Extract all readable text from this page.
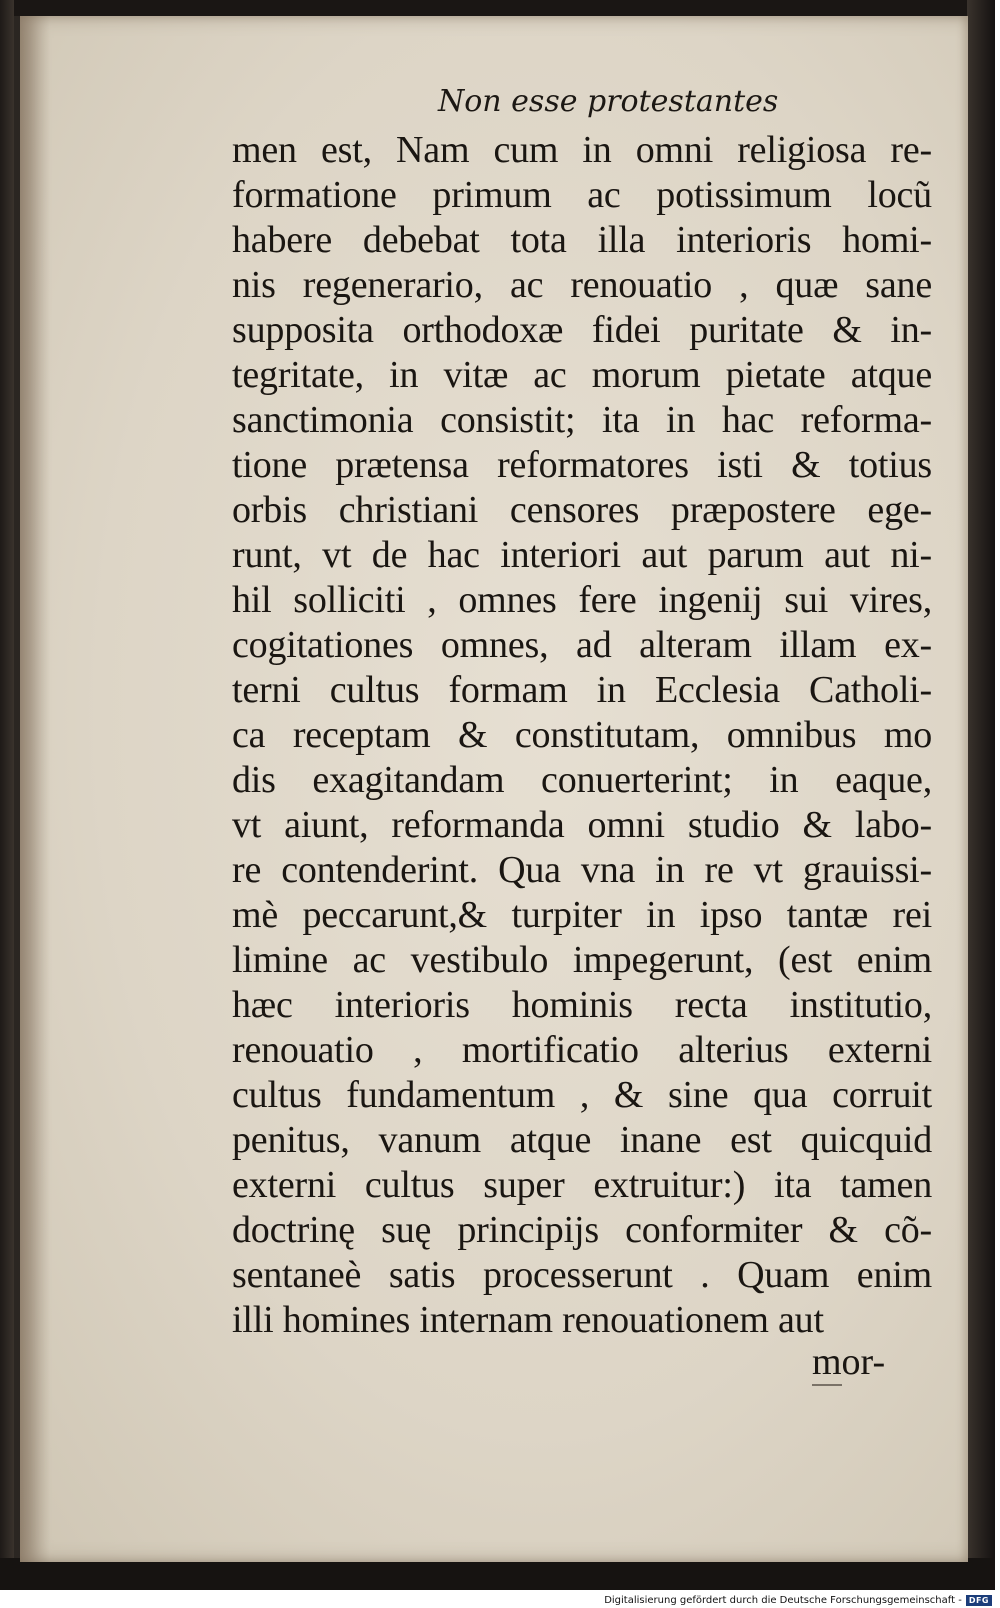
Non esse protestantes
men est, Nam cum in omni religiosa re-
formatione primum ac potissimum locũ
habere debebat tota illa interioris homi-
nis regenerario, ac renouatio , quæ sane
supposita orthodoxæ fidei puritate & in-
tegritate, in vitæ ac morum pietate atque
sanctimonia consistit; ita in hac reforma-
tione prætensa reformatores isti & totius
orbis christiani censores præpostere ege-
runt, vt de hac interiori aut parum aut ni-
hil solliciti , omnes fere ingenij sui vires,
cogitationes omnes, ad alteram illam ex-
terni cultus formam in Ecclesia Catholi-
ca receptam & constitutam, omnibus mo
dis exagitandam conuerterint; in eaque,
vt aiunt, reformanda omni studio & labo-
re contenderint. Qua vna in re vt grauissi-
mè peccarunt,& turpiter in ipso tantæ rei
limine ac vestibulo impegerunt, (est enim
hæc interioris hominis recta institutio,
renouatio , mortificatio alterius externi
cultus fundamentum , & sine qua corruit
penitus, vanum atque inane est quicquid
externi cultus super extruitur:) ita tamen
doctrinę suę principijs conformiter & cõ-
sentaneè satis processerunt . Quam enim
illi homines internam renouationem aut
mor-
Digitalisierung gefördert durch die Deutsche Forschungsgemeinschaft - DFG
